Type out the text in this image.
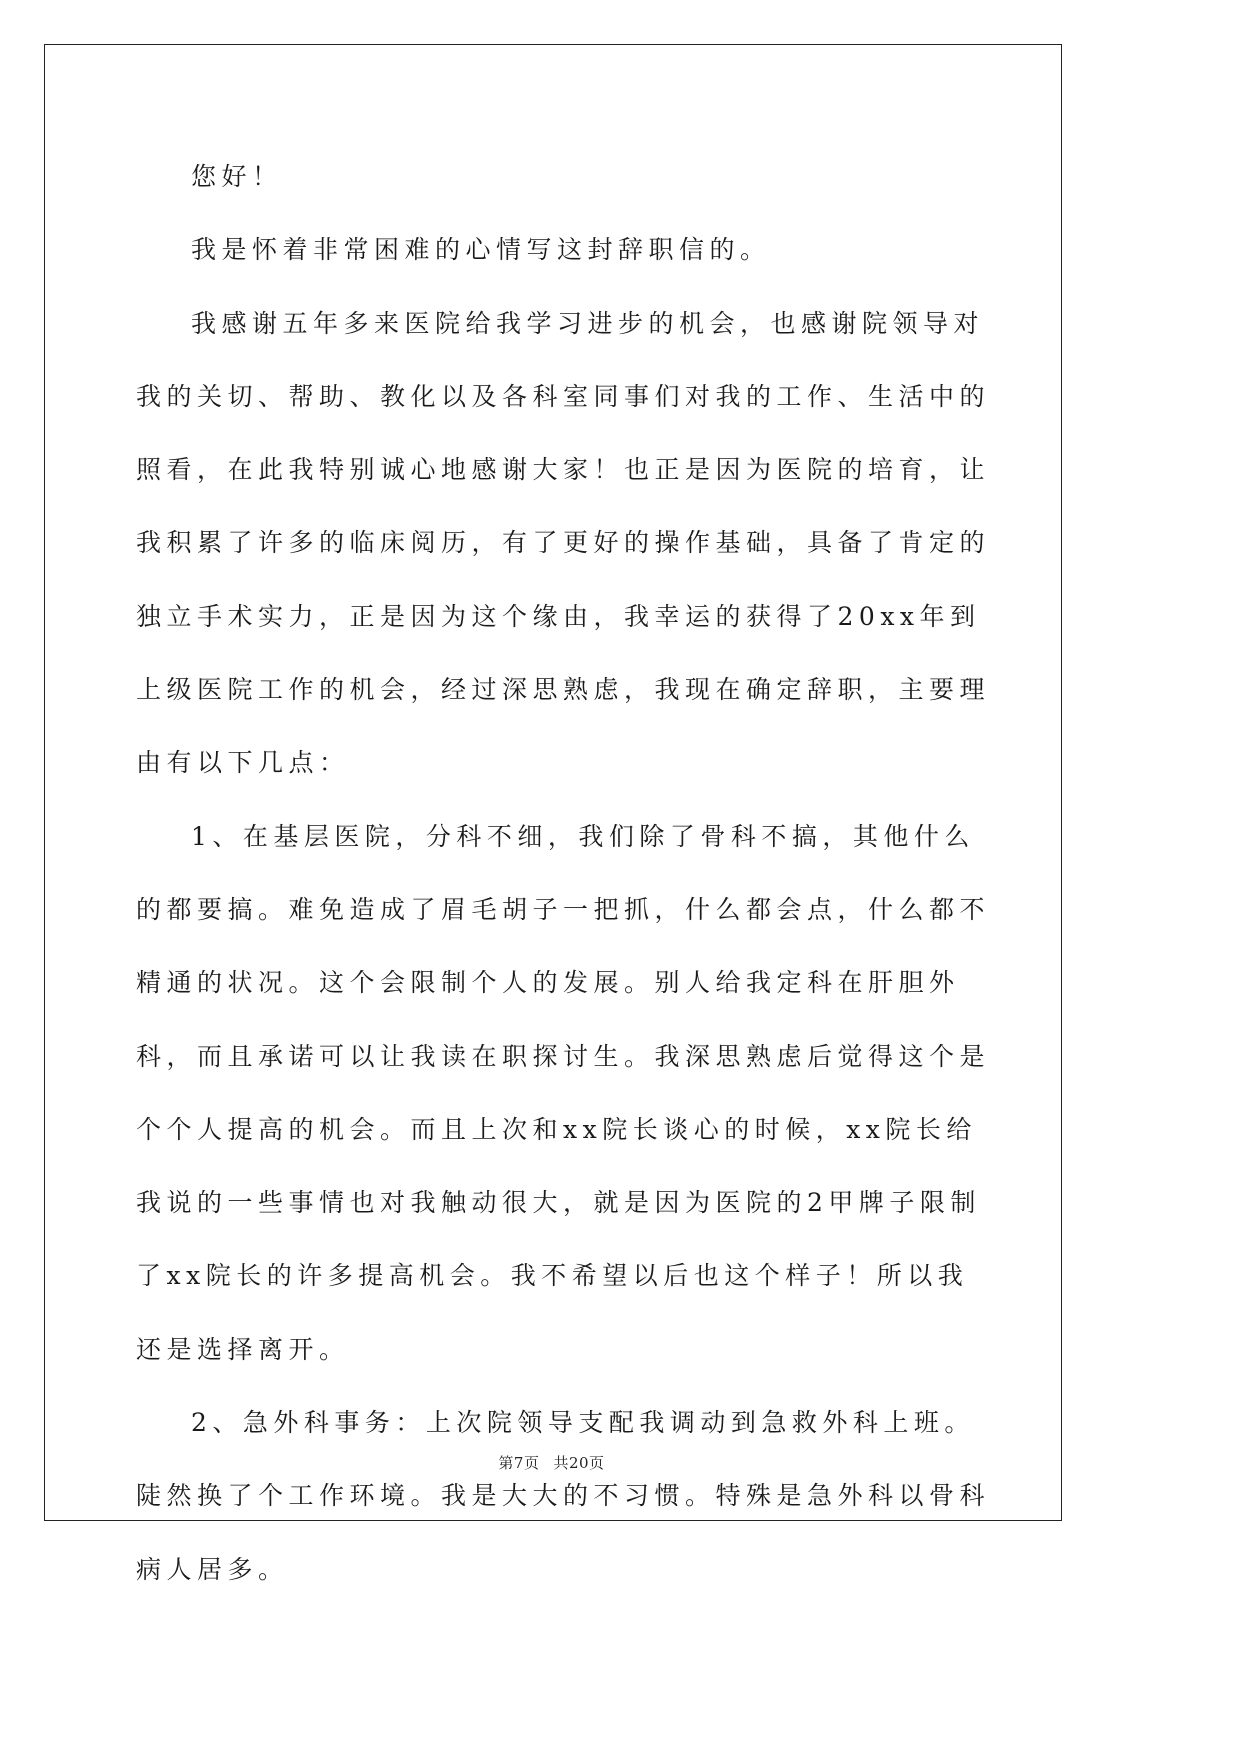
您好！

我是怀着非常困难的心情写这封辞职信的。

我感谢五年多来医院给我学习进步的机会，也感谢院领导对我的关切、帮助、教化以及各科室同事们对我的工作、生活中的照看，在此我特别诚心地感谢大家！也正是因为医院的培育，让我积累了许多的临床阅历，有了更好的操作基础，具备了肯定的独立手术实力，正是因为这个缘由，我幸运的获得了20xx年到上级医院工作的机会，经过深思熟虑，我现在确定辞职，主要理由有以下几点：

1、在基层医院，分科不细，我们除了骨科不搞，其他什么的都要搞。难免造成了眉毛胡子一把抓，什么都会点，什么都不精通的状况。这个会限制个人的发展。别人给我定科在肝胆外科，而且承诺可以让我读在职探讨生。我深思熟虑后觉得这个是个个人提高的机会。而且上次和xx院长谈心的时候，xx院长给我说的一些事情也对我触动很大，就是因为医院的2甲牌子限制了xx院长的许多提高机会。我不希望以后也这个样子！所以我还是选择离开。

2、急外科事务：上次院领导支配我调动到急救外科上班。陡然换了个工作环境。我是大大的不习惯。特殊是急外科以骨科病人居多。

第7页 共20页
